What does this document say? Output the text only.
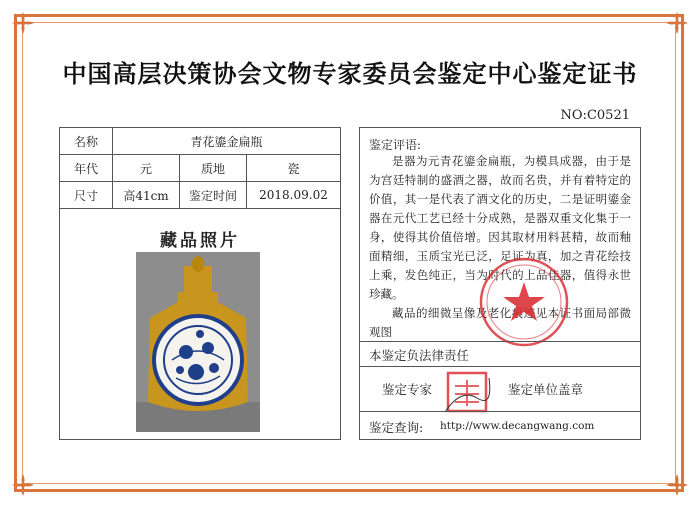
中国高层决策协会文物专家委员会鉴定中心鉴定证书
NO:C0521
名称	青花鎏金扁瓶		
年代	元	质地	瓷
尺寸	高41cm	鉴定时间	2018.09.02
藏品照片
鉴定评语:

是器为元青花鎏金扁瓶，为模具成器，由于是为宫廷特制的盛酒之器，故而名贵，并有着特定的价值，其一是代表了酒文化的历史，二是证明鎏金器在元代工艺已经十分成熟，是器双重文化集于一身，使得其价值倍增。因其取材用料甚精，故而釉面精细，玉质宝光已泛，足证为真，加之青花绘技上乘，发色纯正，当为时代的上品佳器，值得永世珍藏。

藏品的细微呈像及老化痕迹见本证书面局部微观图

本鉴定负法律责任
鉴定专家	鉴定单位盖章
鉴定查询: http://www.decangwang.com
